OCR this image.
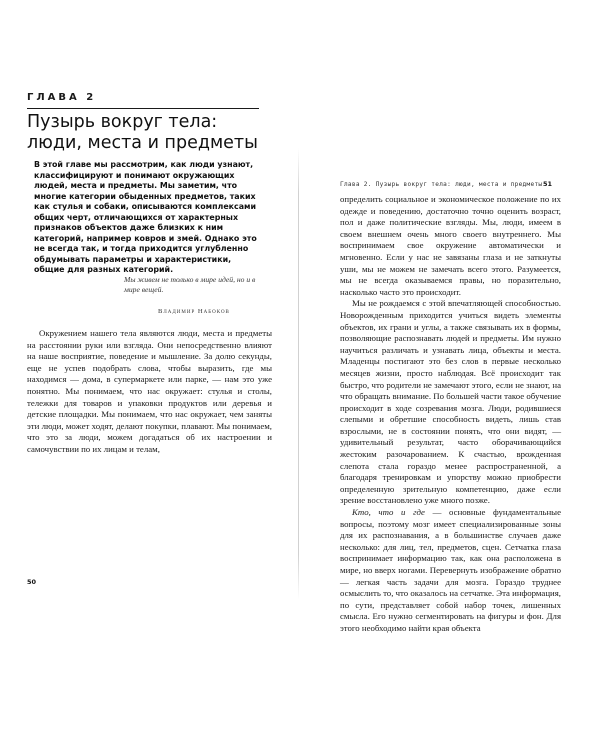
ГЛАВА 2
Пузырь вокруг тела: люди, места и предметы
В этой главе мы рассмотрим, как люди узнают, классифицируют и понимают окружающих людей, места и предметы. Мы заметим, что многие категории обыденных предметов, таких как стулья и собаки, описываются комплексами общих черт, отличающихся от характерных признаков объектов даже близких к ним категорий, например ковров и змей. Однако это не всегда так, и тогда приходится углубленно обдумывать параметры и характеристики, общие для разных категорий.
Мы живем не только в мире идей, но и в мире вещей.
Владимир Набоков

Окружением нашего тела являются люди, места и предметы на расстоянии руки или взгляда. Они непосредственно влияют на наше восприятие, поведение и мышление. За долю секунды, еще не успев подобрать слова, чтобы выразить, где мы находимся — дома, в супермаркете или парке, — нам это уже понятно. Мы понимаем, что нас окружает: стулья и столы, тележки для товаров и упаковки продуктов или деревья и детские площадки. Мы понимаем, что нас окружает, чем заняты эти люди, может ходят, делают покупки, плавают. Мы понимаем, что это за люди, можем догадаться об их настроении и самочувствии по их лицам и телам,

50
Глава 2. Пузырь вокруг тела: люди, места и предметы 51

определить социальное и экономическое положение по их одежде и поведению, достаточно точно оценить возраст, пол и даже политические взгляды. Мы, люди, имеем в своем внешнем очень много своего внутреннего. Мы воспринимаем свое окружение автоматически и мгновенно. Если у нас не завязаны глаза и не заткнуты уши, мы не можем не замечать всего этого. Разумеется, мы не всегда оказываемся правы, но поразительно, насколько часто это происходит.

Мы не рождаемся с этой впечатляющей способностью. Новорожденным приходится учиться видеть элементы объектов, их грани и углы, а также связывать их в формы, позволяющие распознавать людей и предметы. Им нужно научиться различать и узнавать лица, объекты и места. Младенцы постигают это без слов в первые несколько месяцев жизни, просто наблюдая. Всё происходит так быстро, что родители не замечают этого, если не знают, на что обращать внимание. По большей части такое обучение происходит в ходе созревания мозга. Люди, родившиеся слепыми и обретшие способность видеть, лишь став взрослыми, не в состоянии понять, что они видят, — удивительный результат, часто оборачивающийся жестоким разочарованием. К счастью, врожденная слепота стала гораздо менее распространенной, а благодаря тренировкам и упорству можно приобрести определенную зрительную компетенцию, даже если зрение восстановлено уже много позже.

Кто, что и где — основные фундаментальные вопросы, поэтому мозг имеет специализированные зоны для их распознавания, а в большинстве случаев даже несколько: для лиц, тел, предметов, сцен. Сетчатка глаза воспринимает информацию так, как она расположена в мире, но вверх ногами. Перевернуть изображение обратно — легкая часть задачи для мозга. Гораздо труднее осмыслить то, что оказалось на сетчатке. Эта информация, по сути, представляет собой набор точек, лишенных смысла. Его нужно сегментировать на фигуры и фон. Для этого необходимо найти края объекта
